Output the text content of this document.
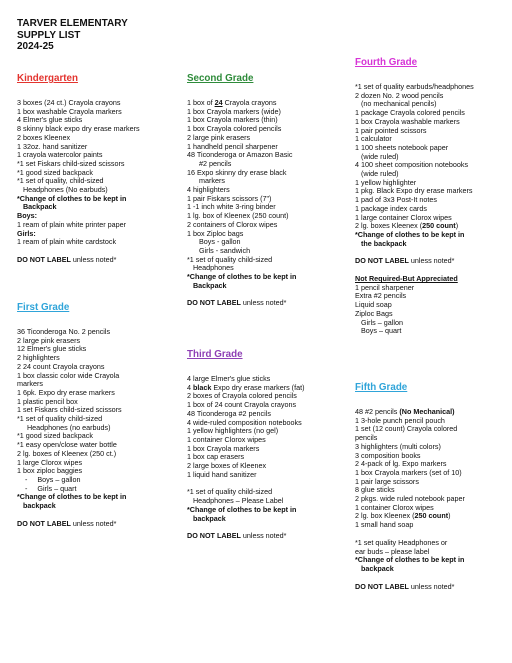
TARVER ELEMENTARY
SUPPLY LIST
2024-25
Kindergarten
3 boxes (24 ct.) Crayola crayons
1 box washable Crayola markers
4 Elmer's glue sticks
8 skinny black expo dry erase markers
2 boxes Kleenex
1 32oz. hand sanitizer
1 crayola watercolor paints
*1 set Fiskars child-sized scissors
*1 good sized backpack
*1 set of quality, child-sized
Headphones (No earbuds)
*Change of clothes to be kept in
Backpack
Boys:
1 ream of plain white printer paper
Girls:
1 ream of plain white cardstock
DO NOT LABEL unless noted*
First Grade
36 Ticonderoga No. 2 pencils
2 large pink erasers
12 Elmer's glue sticks
2 highlighters
2 24 count Crayola crayons
1 box classic color wide Crayola
markers
1 6pk. Expo dry erase markers
1 plastic pencil box
1 set Fiskars child-sized scissors
*1 set of quality child-sized
Headphones (no earbuds)
*1 good sized backpack
*1 easy open/close water bottle
2 lg. boxes of Kleenex (250 ct.)
1 large Clorox wipes
1 box ziploc baggies
-     Boys – gallon
-     Girls – quart
*Change of clothes to be kept in
backpack
DO NOT LABEL unless noted*
Second Grade
1 box of 24 Crayola crayons
1 box Crayola markers (wide)
1 box Crayola markers (thin)
1 box Crayola colored pencils
2 large pink erasers
1 handheld pencil sharpener
48 Ticonderoga or Amazon Basic
#2 pencils
16 Expo skinny dry erase black
markers
4 highlighters
1 pair Fiskars scissors (7")
1 -1 inch white 3-ring binder
1 lg. box of Kleenex (250 count)
2 containers of Clorox wipes
1 box Ziploc bags
Boys - gallon
Girls - sandwich
*1 set of quality child-sized
Headphones
*Change of clothes to be kept in
Backpack
DO NOT LABEL unless noted*
Third Grade
4 large Elmer's glue sticks
4 black Expo dry erase markers (fat)
2 boxes of Crayola colored pencils
1 box of 24 count Crayola crayons
48 Ticonderoga #2 pencils
4 wide-ruled composition notebooks
1 yellow highlighters (no gel)
1 container Clorox wipes
1 box Crayola markers
1 box cap erasers
2 large boxes of Kleenex
1 liquid hand sanitizer
*1 set of quality child-sized
Headphones – Please Label
*Change of clothes to be kept in
backpack
DO NOT LABEL unless noted*
Fourth Grade
*1 set of quality earbuds/headphones
2 dozen No. 2 wood pencils
(no mechanical pencils)
1 package Crayola colored pencils
1 box Crayola washable markers
1 pair pointed scissors
1 calculator
1 100 sheets notebook paper
(wide ruled)
4 100 sheet composition notebooks
(wide ruled)
1 yellow highlighter
1 pkg. Black Expo dry erase markers
1 pad of 3x3 Post-It notes
1 package index cards
1 large container Clorox wipes
2 lg. boxes Kleenex (250 count)
*Change of clothes to be kept in
the backpack
DO NOT LABEL unless noted*
Not Required-But Appreciated
1 pencil sharpener
Extra #2 pencils
Liquid soap
Ziploc Bags
Girls – gallon
Boys – quart
Fifth Grade
48 #2 pencils (No Mechanical)
1 3-hole punch pencil pouch
1 set (12 count) Crayola colored
pencils
3 highlighters (multi colors)
3 composition books
2 4-pack of lg. Expo markers
1 box Crayola markers (set of 10)
1 pair large scissors
8 glue sticks
2 pkgs. wide ruled notebook paper
1 container Clorox wipes
2 lg. box Kleenex (250 count)
1 small hand soap
*1 set quality Headphones or
ear buds – please label
*Change of clothes to be kept in
backpack
DO NOT LABEL unless noted*
